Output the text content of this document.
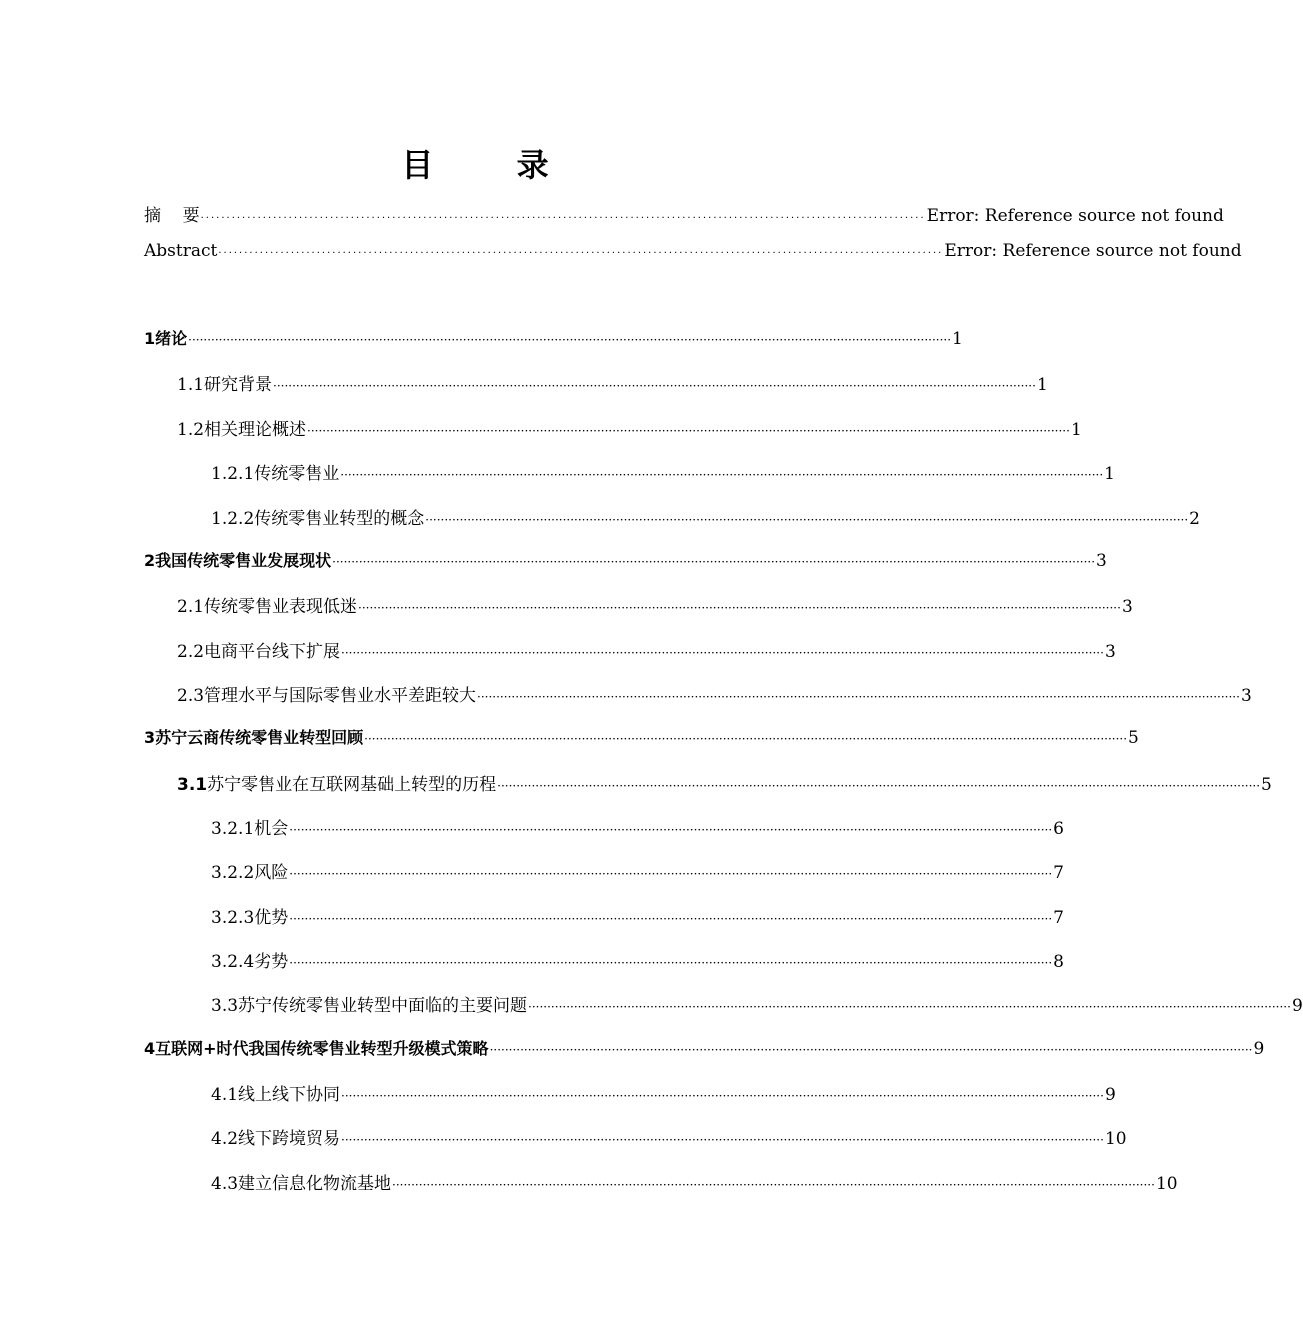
目 录
摘    要 ············································································································································ Error: Reference source not found
Abstract ············································································································································ Error: Reference source not found
1 绪论 ········································································································································································································ 1
1.1 研究背景 ········································································································································································································ 1
1.2 相关理论概述 ········································································································································································································ 1
1.2.1 传统零售业 ········································································································································································································ 1
1.2.2 传统零售业转型的概念 ········································································································································································································ 2
2 我国传统零售业发展现状 ········································································································································································································ 3
2.1 传统零售业表现低迷 ········································································································································································································ 3
2.2 电商平台线下扩展 ········································································································································································································ 3
2.3 管理水平与国际零售业水平差距较大 ········································································································································································································ 3
3 苏宁云商传统零售业转型回顾 ········································································································································································································ 5
3.1 苏宁零售业在互联网基础上转型的历程 ········································································································································································································ 5
3.2.1 机会 ········································································································································································································ 6
3.2.2 风险 ········································································································································································································ 7
3.2.3 优势 ········································································································································································································ 7
3.2.4 劣势 ········································································································································································································ 8
3.3 苏宁传统零售业转型中面临的主要问题 ········································································································································································································ 9
4 互联网+时代我国传统零售业转型升级模式策略 ········································································································································································································ 9
4.1 线上线下协同 ········································································································································································································ 9
4.2 线下跨境贸易 ········································································································································································································ 10
4.3 建立信息化物流基地 ········································································································································································································ 10
